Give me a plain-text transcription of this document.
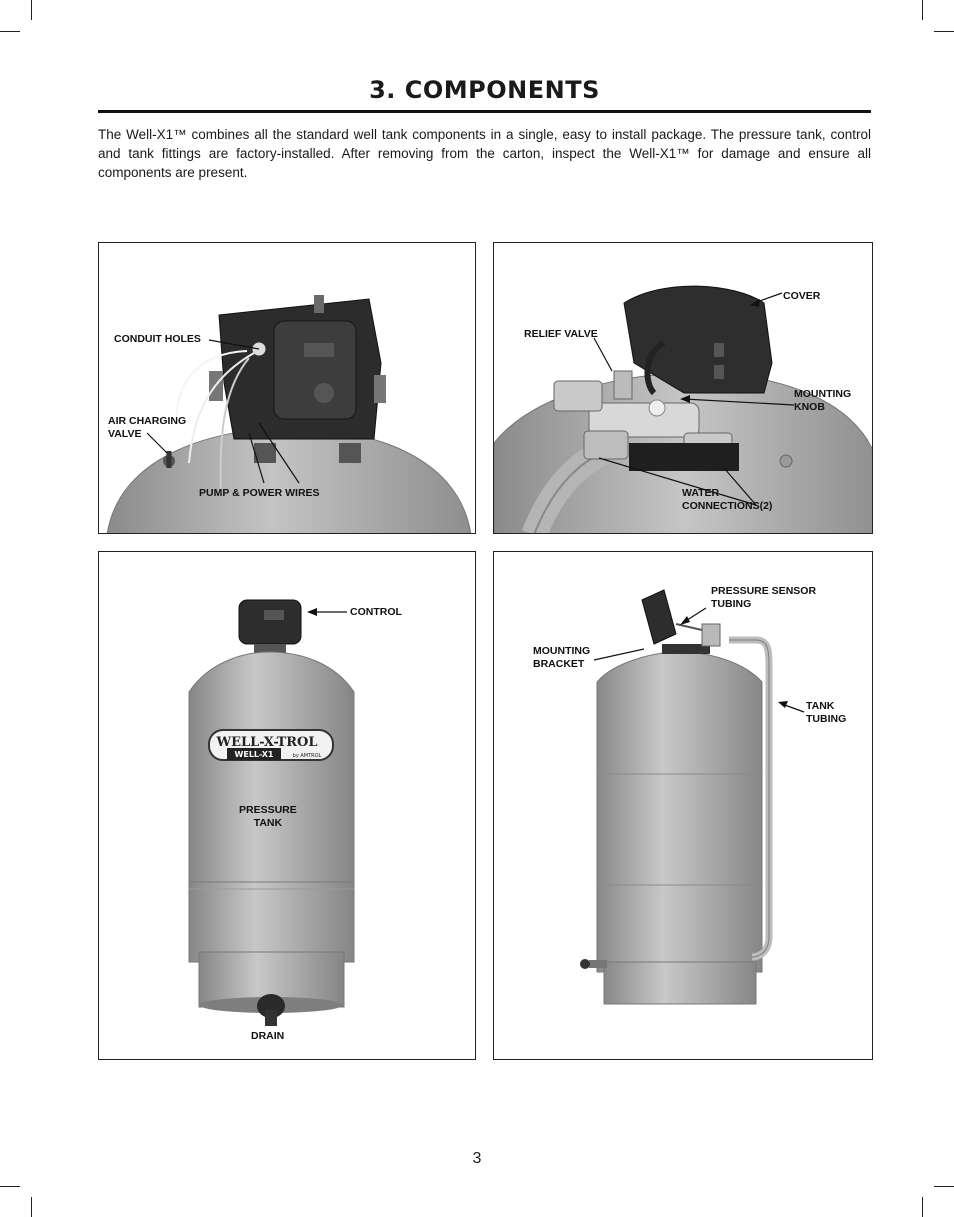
3. COMPONENTS

The Well-X1™ combines all the standard well tank components in a single, easy to install package. The pressure tank, control and tank fittings are factory-installed. After removing from the carton, inspect the Well-X1™ for damage and ensure all components are present.

CONDUIT HOLES
AIR CHARGING
VALVE
PUMP & POWER WIRES
COVER
RELIEF VALVE
MOUNTING
KNOB
WATER
CONNECTIONS(2)
WELL-X-TROL
WELL-X1	by AMTROL
CONTROL
PRESSURE
TANK
DRAIN
PRESSURE SENSOR
TUBING
MOUNTING
BRACKET
TANK
TUBING
3
